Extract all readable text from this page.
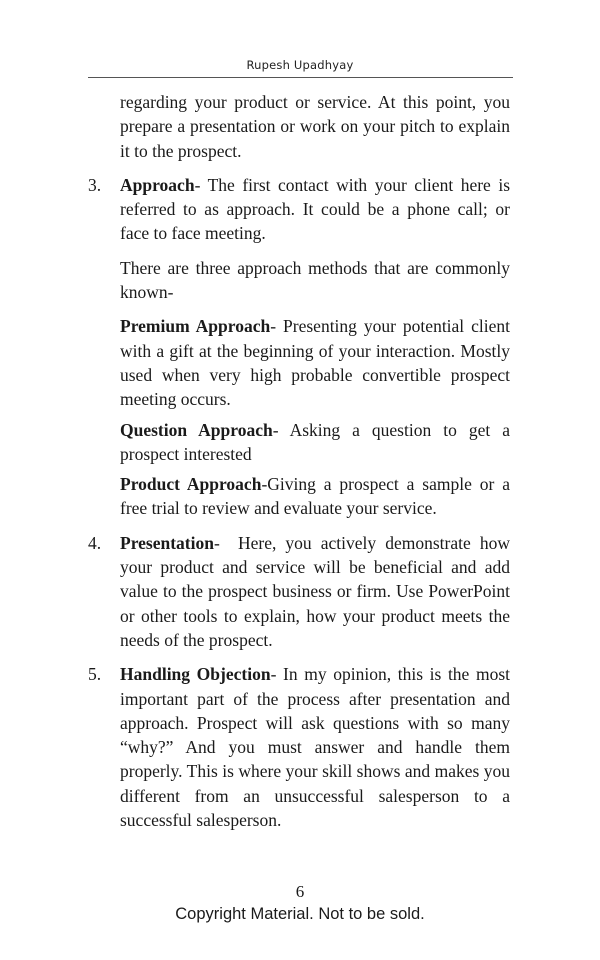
Rupesh Upadhyay

regarding your product or service. At this point, you prepare a presentation or work on your pitch to explain it to the prospect.

3.	Approach- The first contact with your client here is referred to as approach. It could be a phone call; or face to face meeting.

There are three approach methods that are commonly known-

Premium Approach- Presenting your potential client with a gift at the beginning of your interaction. Mostly used when very high probable convertible prospect meeting occurs.

Question Approach- Asking a question to get a prospect interested

Product Approach-Giving a prospect a sample or a free trial to review and evaluate your service.

4.	Presentation-  Here, you actively demonstrate how your product and service will be beneficial and add value to the prospect business or firm. Use PowerPoint or other tools to explain, how your product meets the needs of the prospect.
5.	Handling Objection- In my opinion, this is the most important part of the process after presentation and approach. Prospect will ask questions with so many “why?” And you must answer and handle them properly. This is where your skill shows and makes you different from an unsuccessful salesperson to a successful salesperson.
6
Copyright Material. Not to be sold.
